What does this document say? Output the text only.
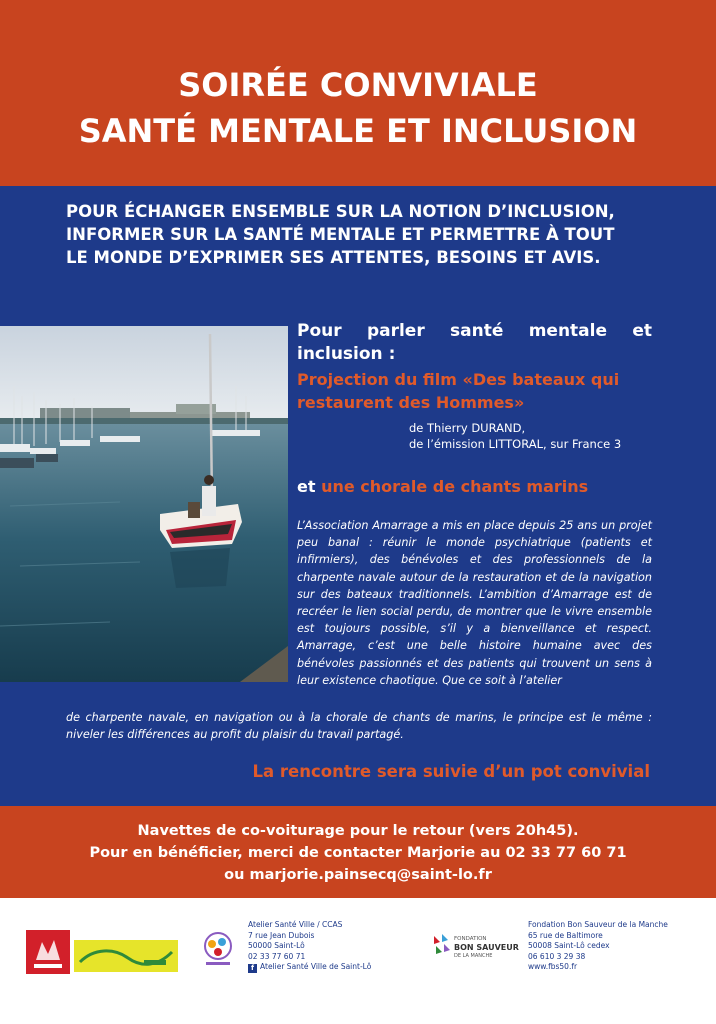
SOIRÉE CONVIVIALE
SANTÉ MENTALE ET INCLUSION
POUR ÉCHANGER ENSEMBLE SUR LA NOTION D’INCLUSION,
INFORMER SUR LA SANTÉ MENTALE ET PERMETTRE À TOUT
LE MONDE D’EXPRIMER SES ATTENTES, BESOINS ET AVIS.
Pour parler santé mentale et
inclusion :
Projection du film «Des bateaux qui
restaurent des Hommes»
de Thierry DURAND,
de l’émission LITTORAL, sur France 3
et une chorale de chants marins
L’Association Amarrage a mis en place depuis 25 ans un projet peu banal : réunir le monde psychiatrique (patients et infirmiers), des bénévoles et des professionnels de la charpente navale autour de la restauration et de la navigation sur des bateaux traditionnels. L’ambition d’Amarrage est de recréer le lien social perdu, de montrer que le vivre ensemble est toujours possible, s’il y a bienveillance et respect. Amarrage, c’est une belle histoire humaine avec des bénévoles passionnés et des patients qui trouvent un sens à leur existence chaotique. Que ce soit à l’atelier
de charpente navale, en navigation ou à la chorale de chants de marins, le principe est le même : niveler les différences au profit du plaisir du travail partagé.
La rencontre sera suivie d’un pot convivial
Navettes de co-voiturage pour le retour (vers 20h45).
Pour en bénéficier, merci de contacter Marjorie au 02 33 77 60 71
ou marjorie.painsecq@saint-lo.fr
Atelier Santé Ville / CCAS
7 rue Jean Dubois
50000 Saint-Lô
02 33 77 60 71
f Atelier Santé Ville de Saint-Lô
FONDATION
BON SAUVEUR
DE LA MANCHE
Fondation Bon Sauveur de la Manche
65 rue de Baltimore
50008 Saint-Lô cedex
06 610 3 29 38
www.fbs50.fr
